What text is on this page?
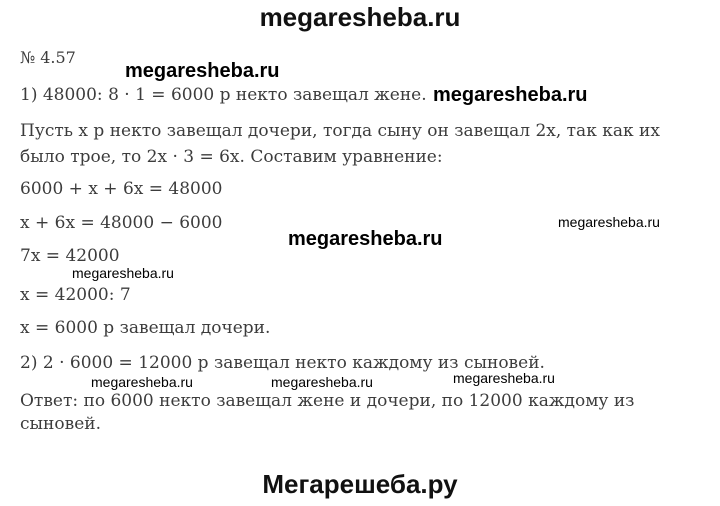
megaresheba.ru
№ 4.57
1) 48000: 8 · 1 = 6000 р некто завещал жене.
Пусть x р некто завещал дочери, тогда сыну он завещал 2х, так как их
было трое, то 2x · 3 = 6x. Составим уравнение:
6000 + x + 6x = 48000
x + 6x = 48000 − 6000
7x = 42000
x = 42000: 7
x = 6000 р завещал дочери.
2) 2 · 6000 = 12000 р завещал некто каждому из сыновей.
Ответ: по 6000 некто завещал жене и дочери, по 12000 каждому из
сыновей.
megaresheba.ru
megaresheba.ru
megaresheba.ru
megaresheba.ru
megaresheba.ru
megaresheba.ru	megaresheba.ru	megaresheba.ru
Мегарешеба.ру
